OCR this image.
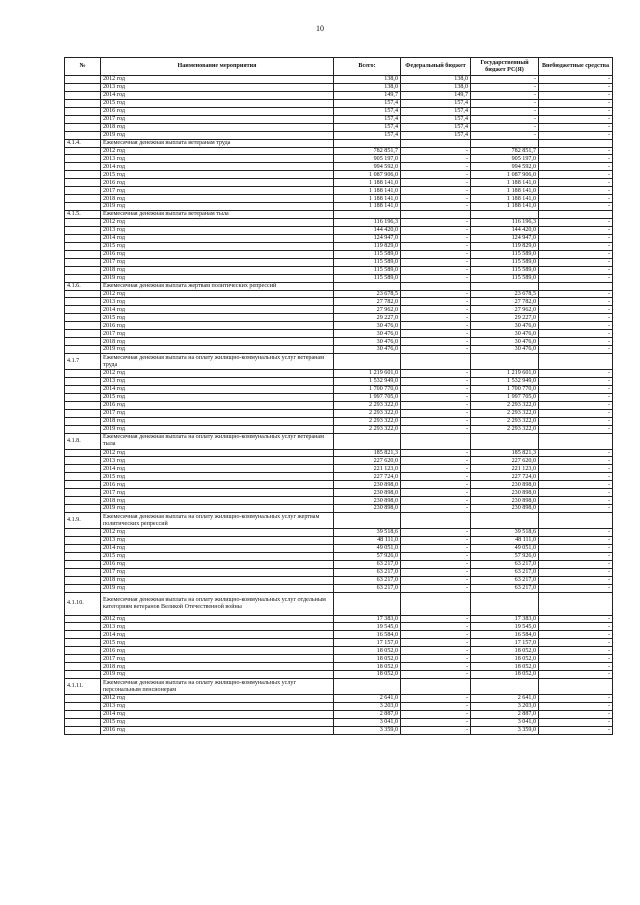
10
№	Наименование мероприятия	Всего:	Федеральный бюджет	Государственный бюджет РС(Я)	Внебюджетные средства
	2012 год	138,0	138,0	-	-
	2013 год	138,0	138,0	-	-
	2014 год	149,7	149,7	-	-
	2015 год	157,4	157,4	-	-
	2016 год	157,4	157,4	-	-
	2017 год	157,4	157,4	-	-
	2018 год	157,4	157,4	-	-
	2019 год	157,4	157,4	-	-
4.1.4.	Ежемесячная денежная выплата ветеранам труда				
	2012 год	782 851,7	-	782 851,7	-
	2013 год	905 197,0	-	905 197,0	-
	2014 год	994 592,0	-	994 592,0	-
	2015 год	1 087 906,0	-	1 087 906,0	-
	2016 год	1 188 141,0	-	1 188 141,0	-
	2017 год	1 188 141,0	-	1 188 141,0	-
	2018 год	1 188 141,0	-	1 188 141,0	-
	2019 год	1 188 141,0	-	1 188 141,0	-
4.1.5.	Ежемесячная денежная выплата ветеранам тыла				
	2012 год	116 196,3	-	116 196,3	-
	2013 год	144 420,0	-	144 420,0	-
	2014 год	124 947,0	-	124 947,0	-
	2015 год	119 829,0	-	119 829,0	-
	2016 год	115 589,0	-	115 589,0	-
	2017 год	115 589,0	-	115 589,0	-
	2018 год	115 589,0	-	115 589,0	-
	2019 год	115 589,0	-	115 589,0	-
4.1.6.	Ежемесячная денежная выплата жертвам политических репрессий				
	2012 год	23 678,5	-	23 678,5	-
	2013 год	27 782,0	-	27 782,0	-
	2014 год	27 962,0	-	27 962,0	-
	2015 год	29 227,0	-	29 227,0	-
	2016 год	30 476,0	-	30 476,0	-
	2017 год	30 476,0	-	30 476,0	-
	2018 год	30 476,0	-	30 476,0	-
	2019 год	30 476,0	-	30 476,0	-
4.1.7	Ежемесячная денежная выплата на оплату жилищно-коммунальных услуг ветеранам труда				
	2012 год	1 219 601,0	-	1 219 601,0	-
	2013 год	1 532 949,0	-	1 532 949,0	-
	2014 год	1 700 770,0	-	1 700 770,0	-
	2015 год	1 997 705,0	-	1 997 705,0	-
	2016 год	2 293 322,0	-	2 293 322,0	-
	2017 год	2 293 322,0	-	2 293 322,0	-
	2018 год	2 293 322,0	-	2 293 322,0	-
	2019 год	2 293 322,0	-	2 293 322,0	-
4.1.8.	Ежемесячная денежная выплата на оплату жилищно-коммунальных услуг ветеранам тыла				
	2012 год	185 821,3	-	185 821,3	-
	2013 год	227 620,0	-	227 620,0	-
	2014 год	221 123,0	-	221 123,0	-
	2015 год	227 724,0	-	227 724,0	-
	2016 год	230 898,0	-	230 898,0	-
	2017 год	230 898,0	-	230 898,0	-
	2018 год	230 898,0	-	230 898,0	-
	2019 год	230 898,0	-	230 898,0	-
4.1.9.	Ежемесячная денежная выплата на оплату жилищно-коммунальных услуг жертвам политических репрессий				
	2012 год	39 518,6	-	39 518,6	-
	2013 год	48 111,0	-	48 111,0	-
	2014 год	49 051,0	-	49 051,0	-
	2015 год	57 926,0	-	57 926,0	-
	2016 год	63 217,0	-	63 217,0	-
	2017 год	63 217,0	-	63 217,0	-
	2018 год	63 217,0	-	63 217,0	-
	2019 год	63 217,0	-	63 217,0	-
4.1.10.	Ежемесячная денежная выплата на оплату жилищно-коммунальных услуг отдельным категориям ветеранов Великой Отечественной войны				
	2012 год	17 383,0	-	17 383,0	-
	2013 год	19 545,0	-	19 545,0	-
	2014 год	16 584,0	-	16 584,0	-
	2015 год	17 157,0	-	17 157,0	-
	2016 год	18 052,0	-	18 052,0	-
	2017 год	18 052,0	-	18 052,0	-
	2018 год	18 052,0	-	18 052,0	-
	2019 год	18 052,0	-	18 052,0	-
4.1.11.	Ежемесячная денежная выплата на оплату жилищно-коммунальных услуг персональным пенсионерам				
	2012 год	2 641,0	-	2 641,0	-
	2013 год	3 203,0	-	3 203,0	-
	2014 год	2 887,0	-	2 887,0	-
	2015 год	3 041,0	-	3 041,0	-
	2016 год	3 359,0	-	3 359,0	-
